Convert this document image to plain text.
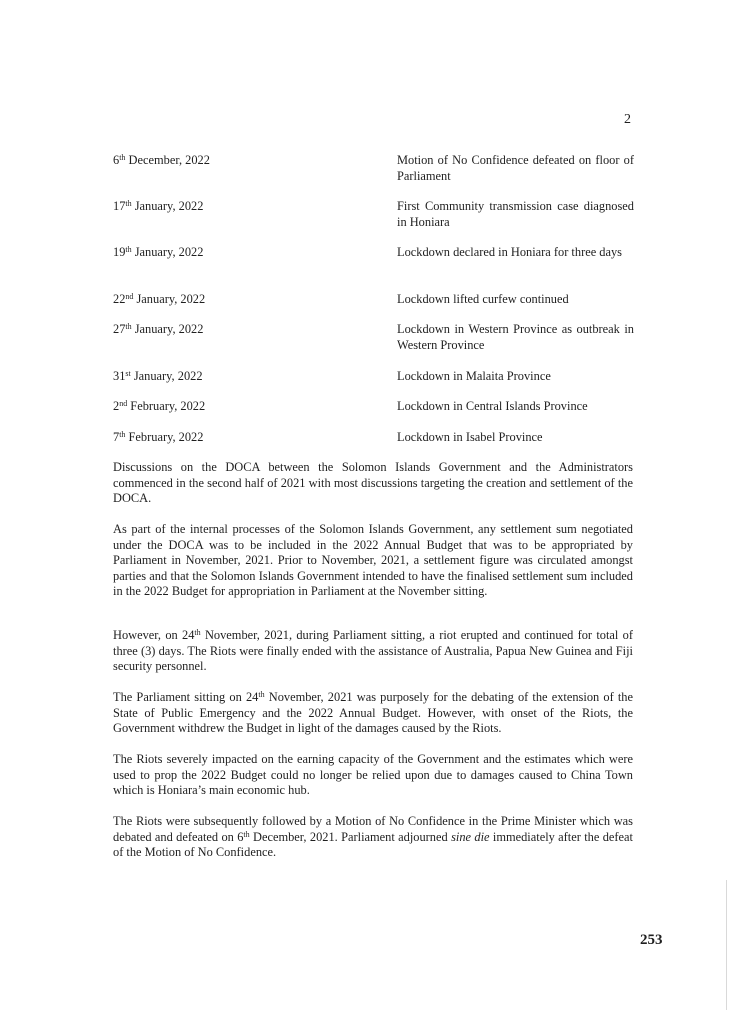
2
6th December, 2022	Motion of No Confidence defeated on floor of Parliament
17th January, 2022	First Community transmission case diagnosed in Honiara
19th January, 2022	Lockdown declared in Honiara for three days
22nd January, 2022	Lockdown lifted curfew continued
27th January, 2022	Lockdown in Western Province as outbreak in Western Province
31st January, 2022	Lockdown in Malaita Province
2nd February, 2022	Lockdown in Central Islands Province
7th February, 2022	Lockdown in Isabel Province

Discussions on the DOCA between the Solomon Islands Government and the Administrators commenced in the second half of 2021 with most discussions targeting the creation and settlement of the DOCA.

As part of the internal processes of the Solomon Islands Government, any settlement sum negotiated under the DOCA was to be included in the 2022 Annual Budget that was to be appropriated by Parliament in November, 2021. Prior to November, 2021, a settlement figure was circulated amongst parties and that the Solomon Islands Government intended to have the finalised settlement sum included in the 2022 Budget for appropriation in Parliament at the November sitting.

However, on 24th November, 2021, during Parliament sitting, a riot erupted and continued for total of three (3) days. The Riots were finally ended with the assistance of Australia, Papua New Guinea and Fiji security personnel.

The Parliament sitting on 24th November, 2021 was purposely for the debating of the extension of the State of Public Emergency and the 2022 Annual Budget. However, with onset of the Riots, the Government withdrew the Budget in light of the damages caused by the Riots.

The Riots severely impacted on the earning capacity of the Government and the estimates which were used to prop the 2022 Budget could no longer be relied upon due to damages caused to China Town which is Honiara’s main economic hub.

The Riots were subsequently followed by a Motion of No Confidence in the Prime Minister which was debated and defeated on 6th December, 2021. Parliament adjourned sine die immediately after the defeat of the Motion of No Confidence.

253
